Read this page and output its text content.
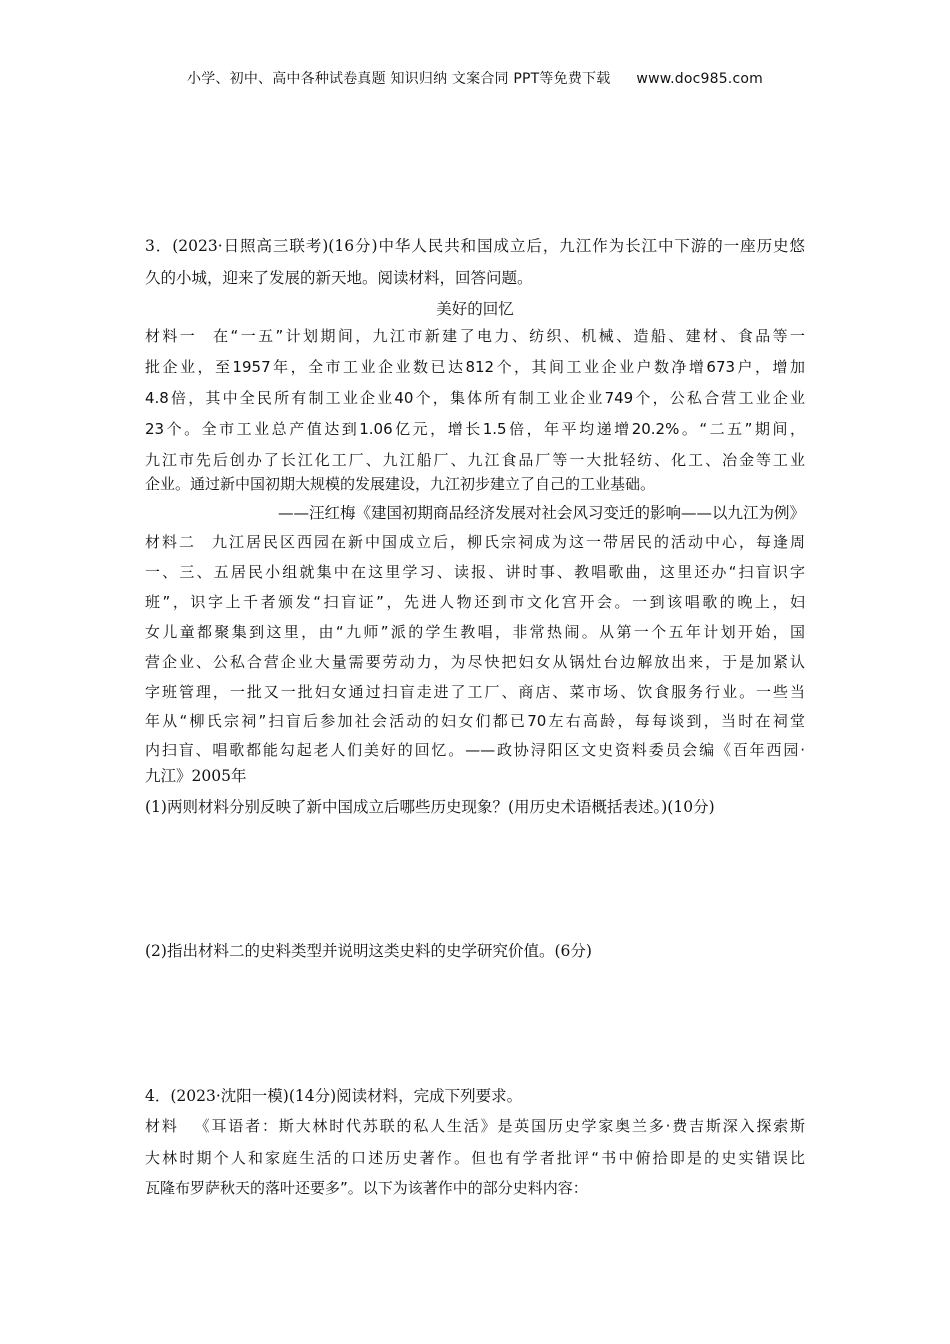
小学、初中、高中各种试卷真题 知识归纳 文案合同 PPT等免费下载 www.doc985.com
3．(2023·日照高三联考)(16分)中华人民共和国成立后，九江作为长江中下游的一座历史悠
久的小城，迎来了发展的新天地。阅读材料，回答问题。
美好的回忆
材料一 在“一五”计划期间，九江市新建了电力、纺织、机械、造船、建材、食品等一
批企业，至1957年，全市工业企业数已达812个，其间工业企业户数净增673户，增加
4.8倍，其中全民所有制工业企业40个，集体所有制工业企业749个，公私合营工业企业
23个。全市工业总产值达到1.06亿元，增长1.5倍，年平均递增20.2%。“二五”期间，
九江市先后创办了长江化工厂、九江船厂、九江食品厂等一大批轻纺、化工、冶金等工业
企业。通过新中国初期大规模的发展建设，九江初步建立了自己的工业基础。
——汪红梅《建国初期商品经济发展对社会风习变迁的影响——以九江为例》
材料二 九江居民区西园在新中国成立后，柳氏宗祠成为这一带居民的活动中心，每逢周
一、三、五居民小组就集中在这里学习、读报、讲时事、教唱歌曲，这里还办“扫盲识字
班”，识字上千者颁发“扫盲证”，先进人物还到市文化宫开会。一到该唱歌的晚上，妇
女儿童都聚集到这里，由“九师”派的学生教唱，非常热闹。从第一个五年计划开始，国
营企业、公私合营企业大量需要劳动力，为尽快把妇女从锅灶台边解放出来，于是加紧认
字班管理，一批又一批妇女通过扫盲走进了工厂、商店、菜市场、饮食服务行业。一些当
年从“柳氏宗祠”扫盲后参加社会活动的妇女们都已70左右高龄，每每谈到，当时在祠堂
内扫盲、唱歌都能勾起老人们美好的回忆。——政协浔阳区文史资料委员会编《百年西园·
九江》2005年
(1)两则材料分别反映了新中国成立后哪些历史现象？(用历史术语概括表述。)(10分)
(2)指出材料二的史料类型并说明这类史料的史学研究价值。(6分)
4．(2023·沈阳一模)(14分)阅读材料，完成下列要求。
材料 《耳语者：斯大林时代苏联的私人生活》是英国历史学家奥兰多·费吉斯深入探索斯
大林时期个人和家庭生活的口述历史著作。但也有学者批评“书中俯拾即是的史实错误比
瓦隆布罗萨秋天的落叶还要多”。以下为该著作中的部分史料内容：
